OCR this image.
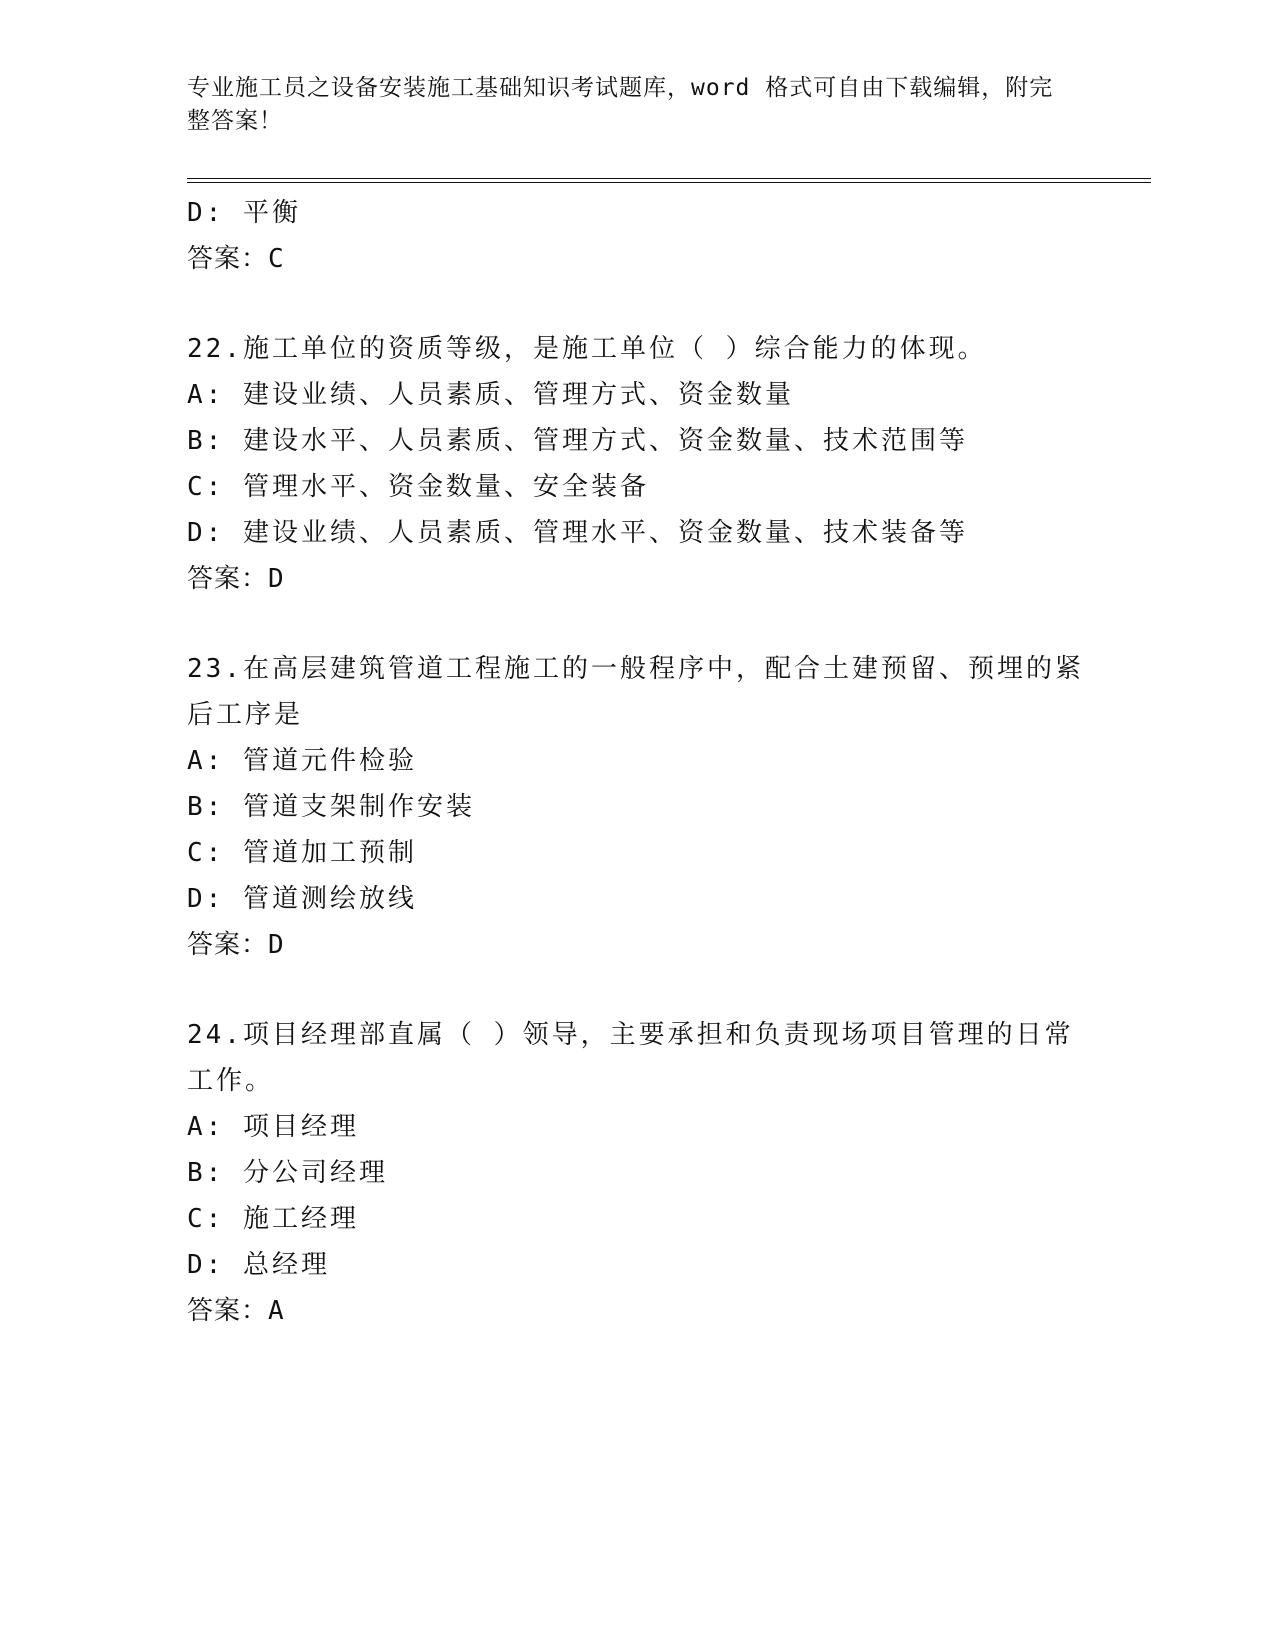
专业施工员之设备安装施工基础知识考试题库，word 格式可自由下载编辑，附完
整答案！
D: 平衡
答案：C
22.施工单位的资质等级，是施工单位（ ）综合能力的体现。
A: 建设业绩、人员素质、管理方式、资金数量
B: 建设水平、人员素质、管理方式、资金数量、技术范围等
C: 管理水平、资金数量、安全装备
D: 建设业绩、人员素质、管理水平、资金数量、技术装备等
答案：D
23.在高层建筑管道工程施工的一般程序中，配合土建预留、预埋的紧
后工序是
A: 管道元件检验
B: 管道支架制作安装
C: 管道加工预制
D: 管道测绘放线
答案：D
24.项目经理部直属（ ）领导，主要承担和负责现场项目管理的日常
工作。
A: 项目经理
B: 分公司经理
C: 施工经理
D: 总经理
答案：A
